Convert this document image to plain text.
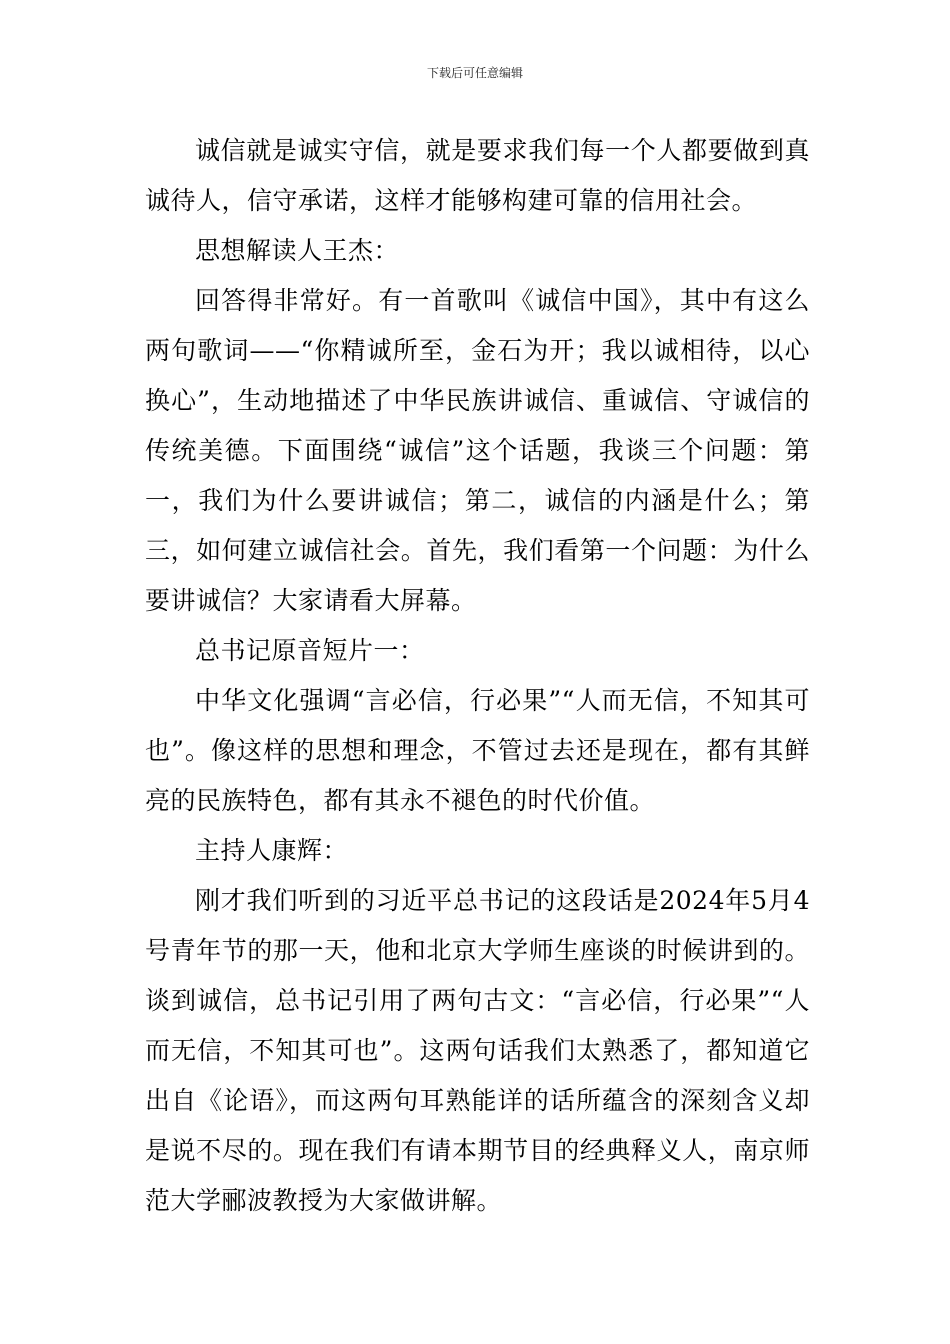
下载后可任意编辑

诚信就是诚实守信，就是要求我们每一个人都要做到真诚待人，信守承诺，这样才能够构建可靠的信用社会。

思想解读人王杰：

回答得非常好。有一首歌叫《诚信中国》，其中有这么两句歌词——“你精诚所至，金石为开；我以诚相待，以心换心”，生动地描述了中华民族讲诚信、重诚信、守诚信的传统美德。下面围绕“诚信”这个话题，我谈三个问题：第一，我们为什么要讲诚信；第二，诚信的内涵是什么；第三，如何建立诚信社会。首先，我们看第一个问题：为什么要讲诚信？大家请看大屏幕。

总书记原音短片一：

中华文化强调“言必信，行必果”“人而无信，不知其可也”。像这样的思想和理念，不管过去还是现在，都有其鲜亮的民族特色，都有其永不褪色的时代价值。

主持人康辉：

刚才我们听到的习近平总书记的这段话是2024年5月4号青年节的那一天，他和北京大学师生座谈的时候讲到的。谈到诚信，总书记引用了两句古文：“言必信，行必果”“人而无信，不知其可也”。这两句话我们太熟悉了，都知道它出自《论语》，而这两句耳熟能详的话所蕴含的深刻含义却是说不尽的。现在我们有请本期节目的经典释义人，南京师范大学郦波教授为大家做讲解。
